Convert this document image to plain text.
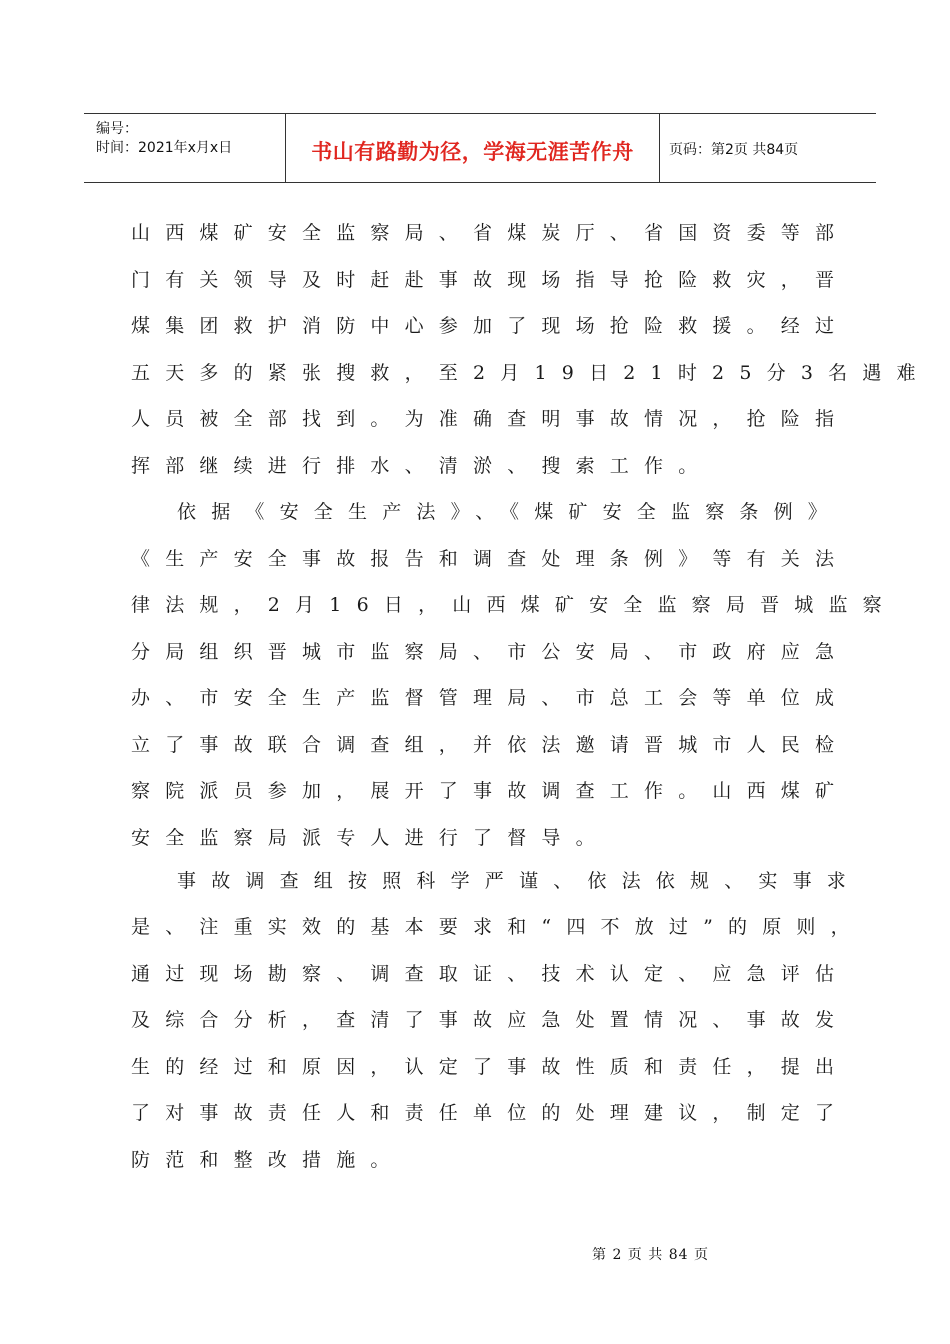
编号：
时间：2021年x月x日	书山有路勤为径，学海无涯苦作舟	页码：第2页 共84页
山西煤矿安全监察局、省煤炭厅、省国资委等部
门有关领导及时赶赴事故现场指导抢险救灾，晋
煤集团救护消防中心参加了现场抢险救援。经过
五天多的紧张搜救，至2月19日21时25分3名遇难
人员被全部找到。为准确查明事故情况，抢险指
挥部继续进行排水、清淤、搜索工作。
依据《安全生产法》、《煤矿安全监察条例》
《生产安全事故报告和调查处理条例》等有关法
律法规，2月16日，山西煤矿安全监察局晋城监察
分局组织晋城市监察局、市公安局、市政府应急
办、市安全生产监督管理局、市总工会等单位成
立了事故联合调查组，并依法邀请晋城市人民检
察院派员参加，展开了事故调查工作。山西煤矿
安全监察局派专人进行了督导。
事故调查组按照科学严谨、依法依规、实事求
是、注重实效的基本要求和“四不放过”的原则，
通过现场勘察、调查取证、技术认定、应急评估
及综合分析，查清了事故应急处置情况、事故发
生的经过和原因，认定了事故性质和责任，提出
了对事故责任人和责任单位的处理建议，制定了
防范和整改措施。
第 2 页 共 84 页
